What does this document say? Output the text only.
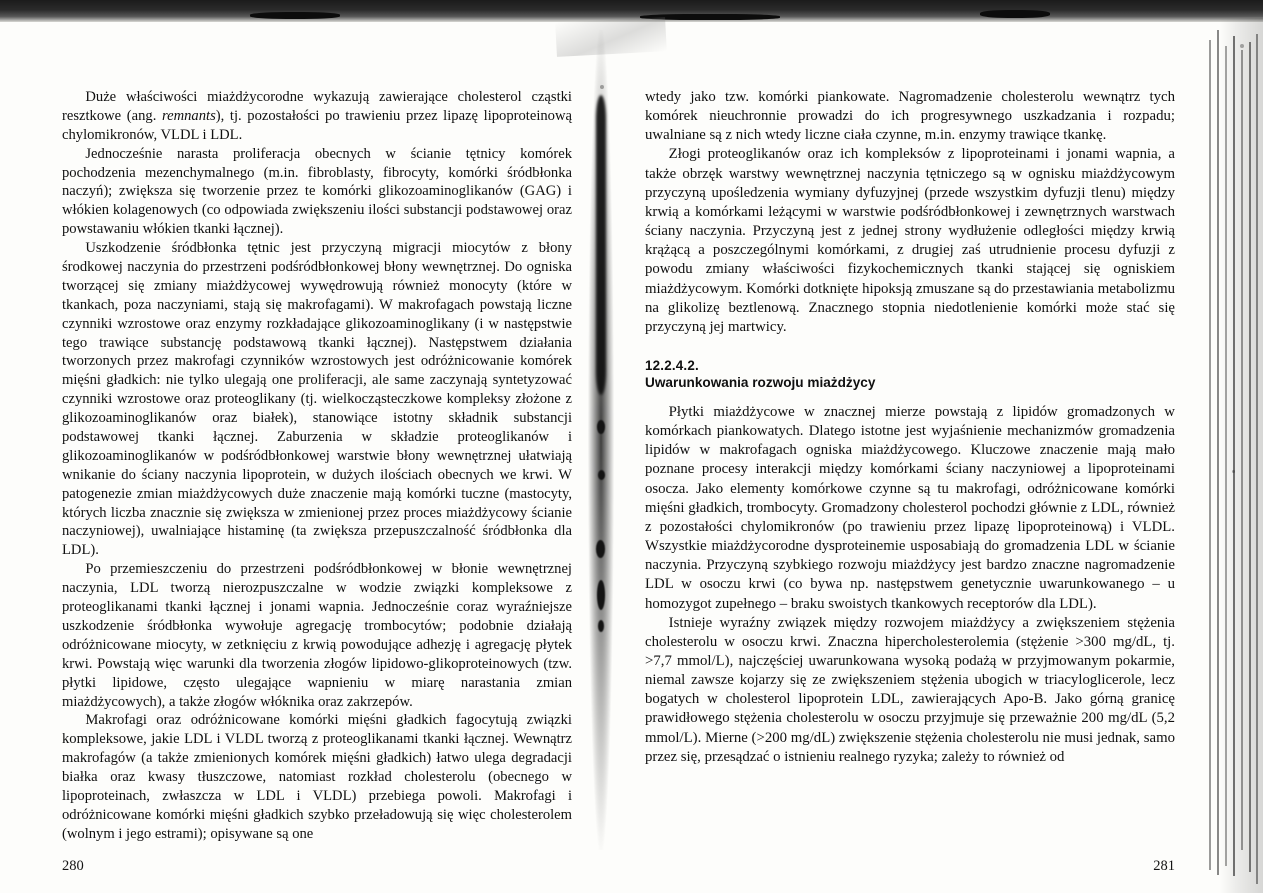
Duże właściwości miażdżycorodne wykazują zawierające cholesterol cząstki resztkowe (ang. remnants), tj. pozostałości po trawieniu przez lipazę lipoproteinową chylomikronów, VLDL i LDL.

Jednocześnie narasta proliferacja obecnych w ścianie tętnicy komórek pochodzenia mezenchymalnego (m.in. fibroblasty, fibrocyty, komórki śródbłonka naczyń); zwiększa się tworzenie przez te komórki glikozoaminoglikanów (GAG) i włókien kolagenowych (co odpowiada zwiększeniu ilości substancji podstawowej oraz powstawaniu włókien tkanki łącznej).

Uszkodzenie śródbłonka tętnic jest przyczyną migracji miocytów z błony środkowej naczynia do przestrzeni podśródbłonkowej błony wewnętrznej. Do ogniska tworzącej się zmiany miażdżycowej wywędrowują również monocyty (które w tkankach, poza naczyniami, stają się makrofagami). W makrofagach powstają liczne czynniki wzrostowe oraz enzymy rozkładające glikozoaminoglikany (i w następstwie tego trawiące substancję podstawową tkanki łącznej). Następstwem działania tworzonych przez makrofagi czynników wzrostowych jest odróżnicowanie komórek mięśni gładkich: nie tylko ulegają one proliferacji, ale same zaczynają syntetyzować czynniki wzrostowe oraz proteoglikany (tj. wielkocząsteczkowe kompleksy złożone z glikozoaminoglikanów oraz białek), stanowiące istotny składnik substancji podstawowej tkanki łącznej. Zaburzenia w składzie proteoglikanów i glikozoaminoglikanów w podśródbłonkowej warstwie błony wewnętrznej ułatwiają wnikanie do ściany naczynia lipoprotein, w dużych ilościach obecnych we krwi. W patogenezie zmian miażdżycowych duże znaczenie mają komórki tuczne (mastocyty, których liczba znacznie się zwiększa w zmienionej przez proces miażdżycowy ścianie naczyniowej), uwalniające histaminę (ta zwiększa przepuszczalność śródbłonka dla LDL).

Po przemieszczeniu do przestrzeni podśródbłonkowej w błonie wewnętrznej naczynia, LDL tworzą nierozpuszczalne w wodzie związki kompleksowe z proteoglikanami tkanki łącznej i jonami wapnia. Jednocześnie coraz wyraźniejsze uszkodzenie śródbłonka wywołuje agregację trombocytów; podobnie działają odróżnicowane miocyty, w zetknięciu z krwią powodujące adhezję i agregację płytek krwi. Powstają więc warunki dla tworzenia złogów lipidowo-glikoproteinowych (tzw. płytki lipidowe, często ulegające wapnieniu w miarę narastania zmian miażdżycowych), a także złogów włóknika oraz zakrzepów.

Makrofagi oraz odróżnicowane komórki mięśni gładkich fagocytują związki kompleksowe, jakie LDL i VLDL tworzą z proteoglikanami tkanki łącznej. Wewnątrz makrofagów (a także zmienionych komórek mięśni gładkich) łatwo ulega degradacji białka oraz kwasy tłuszczowe, natomiast rozkład cholesterolu (obecnego w lipoproteinach, zwłaszcza w LDL i VLDL) przebiega powoli. Makrofagi i odróżnicowane komórki mięśni gładkich szybko przeładowują się więc cholesterolem (wolnym i jego estrami); opisywane są one

280

wtedy jako tzw. komórki piankowate. Nagromadzenie cholesterolu wewnątrz tych komórek nieuchronnie prowadzi do ich progresywnego uszkadzania i rozpadu; uwalniane są z nich wtedy liczne ciała czynne, m.in. enzymy trawiące tkankę.

Złogi proteoglikanów oraz ich kompleksów z lipoproteinami i jonami wapnia, a także obrzęk warstwy wewnętrznej naczynia tętniczego są w ognisku miażdżycowym przyczyną upośledzenia wymiany dyfuzyjnej (przede wszystkim dyfuzji tlenu) między krwią a komórkami leżącymi w warstwie podśródbłonkowej i zewnętrznych warstwach ściany naczynia. Przyczyną jest z jednej strony wydłużenie odległości między krwią krążącą a poszczególnymi komórkami, z drugiej zaś utrudnienie procesu dyfuzji z powodu zmiany właściwości fizykochemicznych tkanki stającej się ogniskiem miażdżycowym. Komórki dotknięte hipoksją zmuszane są do przestawiania metabolizmu na glikolizę beztlenową. Znacznego stopnia niedotlenienie komórki może stać się przyczyną jej martwicy.

12.2.4.2.
Uwarunkowania rozwoju miażdżycy

Płytki miażdżycowe w znacznej mierze powstają z lipidów gromadzonych w komórkach piankowatych. Dlatego istotne jest wyjaśnienie mechanizmów gromadzenia lipidów w makrofagach ogniska miażdżycowego. Kluczowe znaczenie mają mało poznane procesy interakcji między komórkami ściany naczyniowej a lipoproteinami osocza. Jako elementy komórkowe czynne są tu makrofagi, odróżnicowane komórki mięśni gładkich, trombocyty. Gromadzony cholesterol pochodzi głównie z LDL, również z pozostałości chylomikronów (po trawieniu przez lipazę lipoproteinową) i VLDL. Wszystkie miażdżycorodne dysproteinemie usposabiają do gromadzenia LDL w ścianie naczynia. Przyczyną szybkiego rozwoju miażdżycy jest bardzo znaczne nagromadzenie LDL w osoczu krwi (co bywa np. następstwem genetycznie uwarunkowanego – u homozygot zupełnego – braku swoistych tkankowych receptorów dla LDL).

Istnieje wyraźny związek między rozwojem miażdżycy a zwiększeniem stężenia cholesterolu w osoczu krwi. Znaczna hipercholesterolemia (stężenie >300 mg/dL, tj. >7,7 mmol/L), najczęściej uwarunkowana wysoką podażą w przyjmowanym pokarmie, niemal zawsze kojarzy się ze zwiększeniem stężenia ubogich w triacyloglicerole, lecz bogatych w cholesterol lipoprotein LDL, zawierających Apo-B. Jako górną granicę prawidłowego stężenia cholesterolu w osoczu przyjmuje się przeważnie 200 mg/dL (5,2 mmol/L). Mierne (>200 mg/dL) zwiększenie stężenia cholesterolu nie musi jednak, samo przez się, przesądzać o istnieniu realnego ryzyka; zależy to również od

281
